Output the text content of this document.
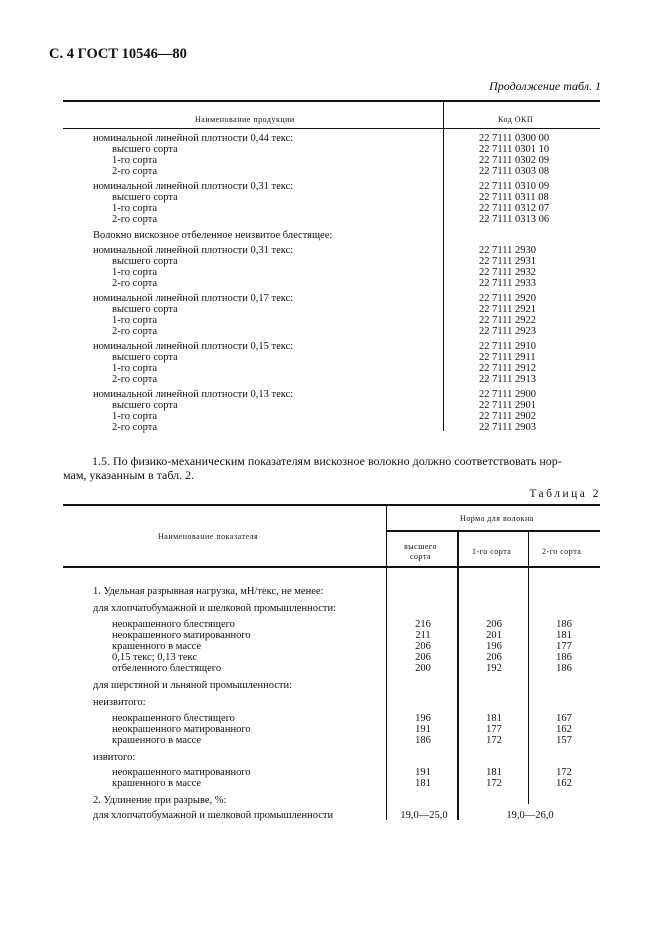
С. 4 ГОСТ 10546—80
Продолжение табл. 1
Наименование продукции	Код ОКП
номинальной линейной плотности 0,44 текс:	22 7111 0300 00
высшего сорта	22 7111 0301 10
1-го сорта	22 7111 0302 09
2-го сорта	22 7111 0303 08
номинальной линейной плотности 0,31 текс:	22 7111 0310 09
высшего сорта	22 7111 0311 08
1-го сорта	22 7111 0312 07
2-го сорта	22 7111 0313 06
Волокно вискозное отбеленное неизвитое блестящее:
номинальной линейной плотности 0,31 текс:	22 7111 2930
высшего сорта	22 7111 2931
1-го сорта	22 7111 2932
2-го сорта	22 7111 2933
номинальной линейной плотности 0,17 текс:	22 7111 2920
высшего сорта	22 7111 2921
1-го сорта	22 7111 2922
2-го сорта	22 7111 2923
номинальной линейной плотности 0,15 текс:	22 7111 2910
высшего сорта	22 7111 2911
1-го сорта	22 7111 2912
2-го сорта	22 7111 2913
номинальной линейной плотности 0,13 текс:	22 7111 2900
высшего сорта	22 7111 2901
1-го сорта	22 7111 2902
2-го сорта	22 7111 2903
1.5. По физико-механическим показателям вискозное волокно должно соответствовать нор-
мам, указанным в табл. 2.
Таблица 2
Наименование показателя
Норма для волокна
высшего
сорта
1-го сорта	2-го сорта
1. Удельная разрывная нагрузка, мН/текс, не менее:
для хлопчатобумажной и шелковой промышленности:
неокрашенного блестящего	216	206	186
неокрашенного матированного	211	201	181
крашенного в массе	206	196	177
0,15 текс; 0,13 текс	206	206	186
отбеленного блестящего	200	192	186
для шерстяной и льняной промышленности:
неизвитого:
неокрашенного блестящего	196	181	167
неокрашенного матированного	191	177	162
крашенного в массе	186	172	157
извитого:
неокрашенного матированного	191	181	172
крашенного в массе	181	172	162
2. Удлинение при разрыве, %:
для хлопчатобумажной и шелковой промышленности	19,0—25,0	19,0—26,0
